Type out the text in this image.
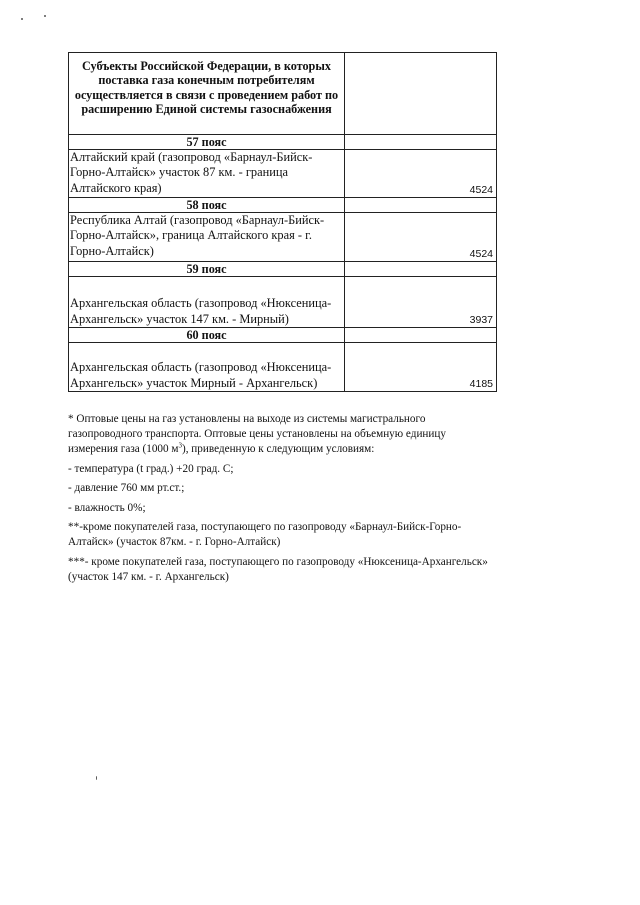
Субъекты Российской Федерации, в которых поставка газа конечным потребителям осуществляется в связи с проведением работ по расширению Единой системы газоснабжения	
57 пояс	
Алтайский край (газопровод «Барнаул-Бийск-Горно-Алтайск» участок 87 км. - граница Алтайского края)	4524
58 пояс	
Республика Алтай (газопровод «Барнаул-Бийск-Горно-Алтайск», граница Алтайского края - г. Горно-Алтайск)	4524
59 пояс	
Архангельская область (газопровод «Нюксеница-Архангельск» участок 147 км. - Мирный)	3937
60 пояс	
Архангельская область (газопровод «Нюксеница-Архангельск» участок Мирный - Архангельск)	4185

* Оптовые цены на газ установлены на выходе из системы магистрального газопроводного транспорта. Оптовые цены установлены на объемную единицу измерения газа (1000 $м^3$), приведенную к следующим условиям:

- температура (t град.) +20 град. С;

- давление 760 мм рт.ст.;

- влажность 0%;

**-кроме покупателей газа, поступающего по газопроводу «Барнаул-Бийск-Горно-Алтайск» (участок 87км. - г. Горно-Алтайск)

***- кроме покупателей газа, поступающего по газопроводу «Нюксеница-Архангельск» (участок 147 км. - г. Архангельск)
